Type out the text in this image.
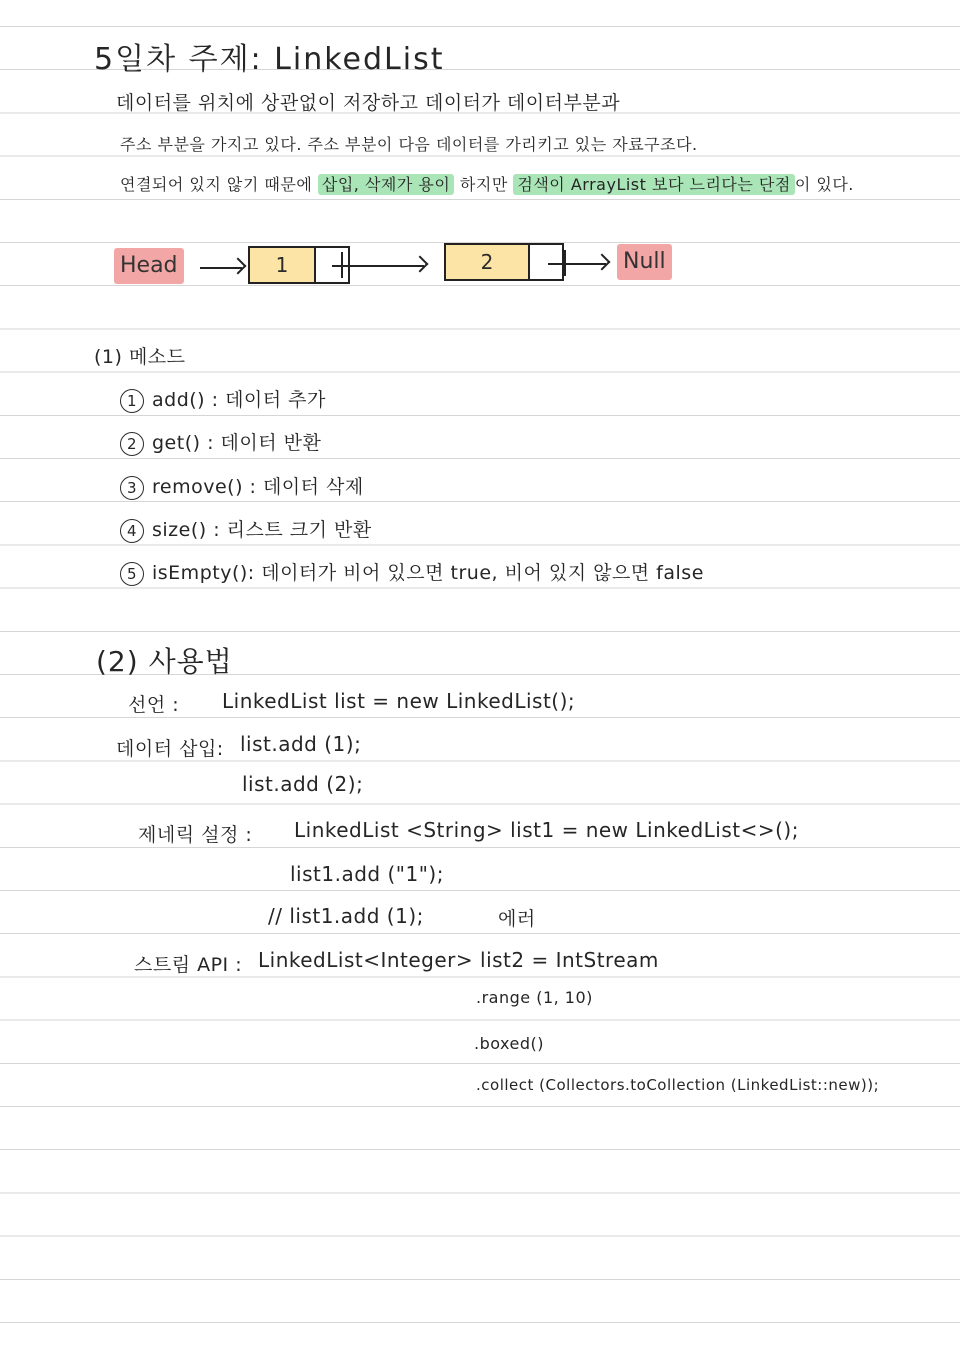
5일차 주제: LinkedList
데이터를 위치에 상관없이 저장하고 데이터가 데이터부분과
주소 부분을 가지고 있다. 주소 부분이 다음 데이터를 가리키고 있는 자료구조다.
연결되어 있지 않기 때문에 삽입, 삭제가 용이 하지만 검색이 ArrayList 보다 느리다는 단점 이 있다.
Head	1	2	Null
(1) 메소드
1 add() : 데이터 추가
2 get() : 데이터 반환
3 remove() : 데이터 삭제
4 size() : 리스트 크기 반환
5 isEmpty(): 데이터가 비어 있으면 true, 비어 있지 않으면 false
(2) 사용법
선언 : LinkedList list = new LinkedList();
데이터 삽입: list.add (1);
list.add (2);
제네릭 설정 : LinkedList <String> list1 = new LinkedList<>();
list1.add ("1");
// list1.add (1);	에러
스트림 API : LinkedList<Integer> list2 = IntStream
.range (1, 10)
.boxed()
.collect (Collectors.toCollection (LinkedList::new));
